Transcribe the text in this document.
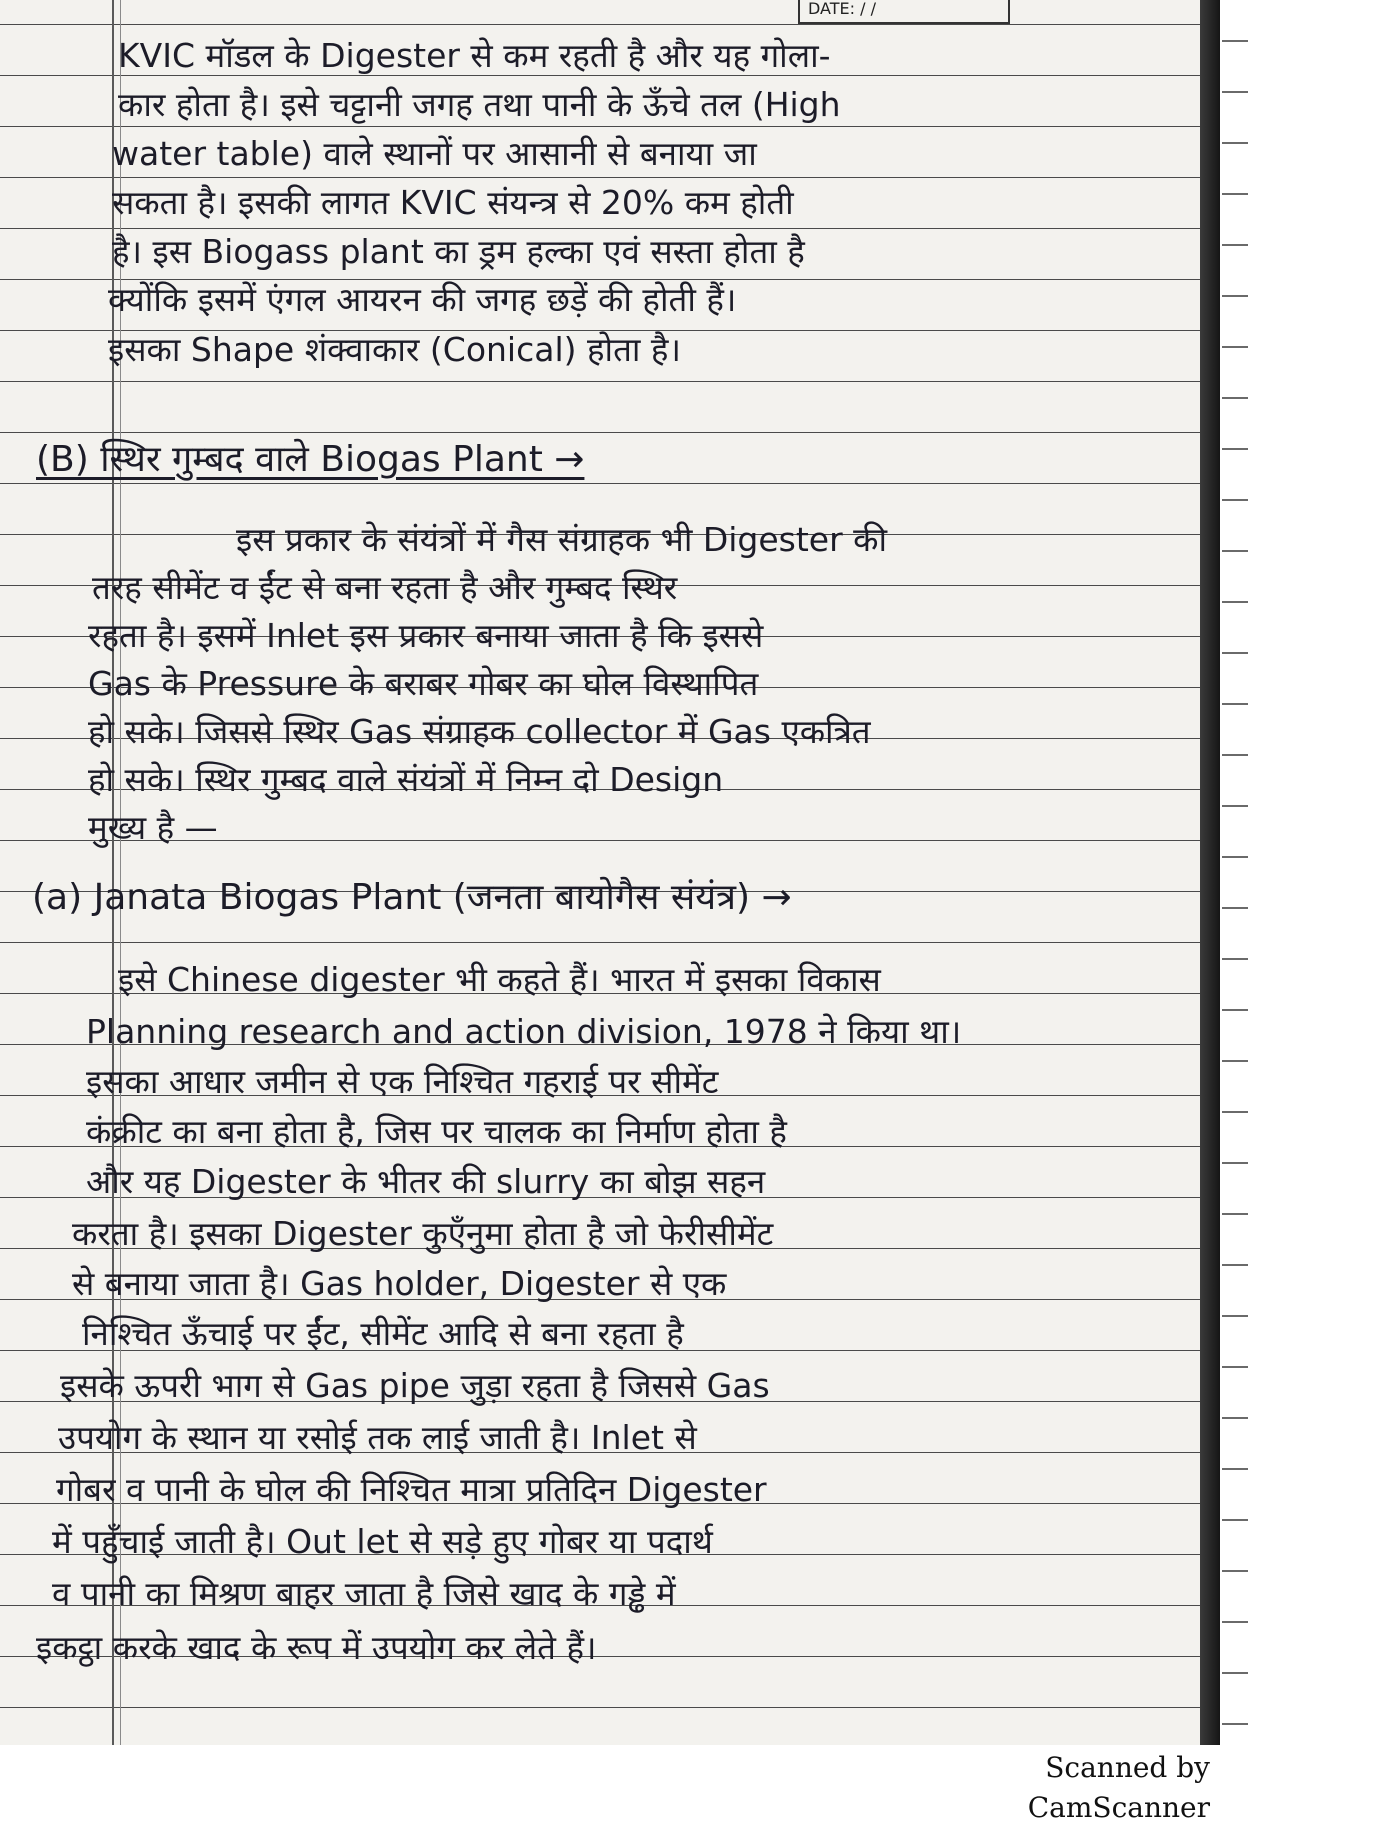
DATE: / /
KVIC मॉडल के Digester से कम रहती है और यह गोला-
कार होता है। इसे चट्टानी जगह तथा पानी के ऊँचे तल (High
water table) वाले स्थानों पर आसानी से बनाया जा
सकता है। इसकी लागत KVIC संयन्त्र से 20% कम होती
है। इस Biogass plant का ड्रम हल्का एवं सस्ता होता है
क्योंकि इसमें एंगल आयरन की जगह छड़ें की होती हैं।
इसका Shape शंक्वाकार (Conical) होता है।
(B) स्थिर गुम्बद वाले Biogas Plant →
इस प्रकार के संयंत्रों में गैस संग्राहक भी Digester की
तरह सीमेंट व ईंट से बना रहता है और गुम्बद स्थिर
रहता है। इसमें Inlet इस प्रकार बनाया जाता है कि इससे
Gas के Pressure के बराबर गोबर का घोल विस्थापित
हो सके। जिससे स्थिर Gas संग्राहक collector में Gas एकत्रित
हो सके। स्थिर गुम्बद वाले संयंत्रों में निम्न दो Design
मुख्य है —
(a) Janata Biogas Plant (जनता बायोगैस संयंत्र) →
इसे Chinese digester भी कहते हैं। भारत में इसका विकास
Planning research and action division, 1978 ने किया था।
इसका आधार जमीन से एक निश्चित गहराई पर सीमेंट
कंक्रीट का बना होता है, जिस पर चालक का निर्माण होता है
और यह Digester के भीतर की slurry का बोझ सहन
करता है। इसका Digester कुएँनुमा होता है जो फेरीसीमेंट
से बनाया जाता है। Gas holder, Digester से एक
निश्चित ऊँचाई पर ईंट, सीमेंट आदि से बना रहता है
इसके ऊपरी भाग से Gas pipe जुड़ा रहता है जिससे Gas
उपयोग के स्थान या रसोई तक लाई जाती है। Inlet से
गोबर व पानी के घोल की निश्चित मात्रा प्रतिदिन Digester
में पहुँचाई जाती है। Out let से सड़े हुए गोबर या पदार्थ
व पानी का मिश्रण बाहर जाता है जिसे खाद के गड्ढे में
इकट्ठा करके खाद के रूप में उपयोग कर लेते हैं।
Scanned by CamScanner
